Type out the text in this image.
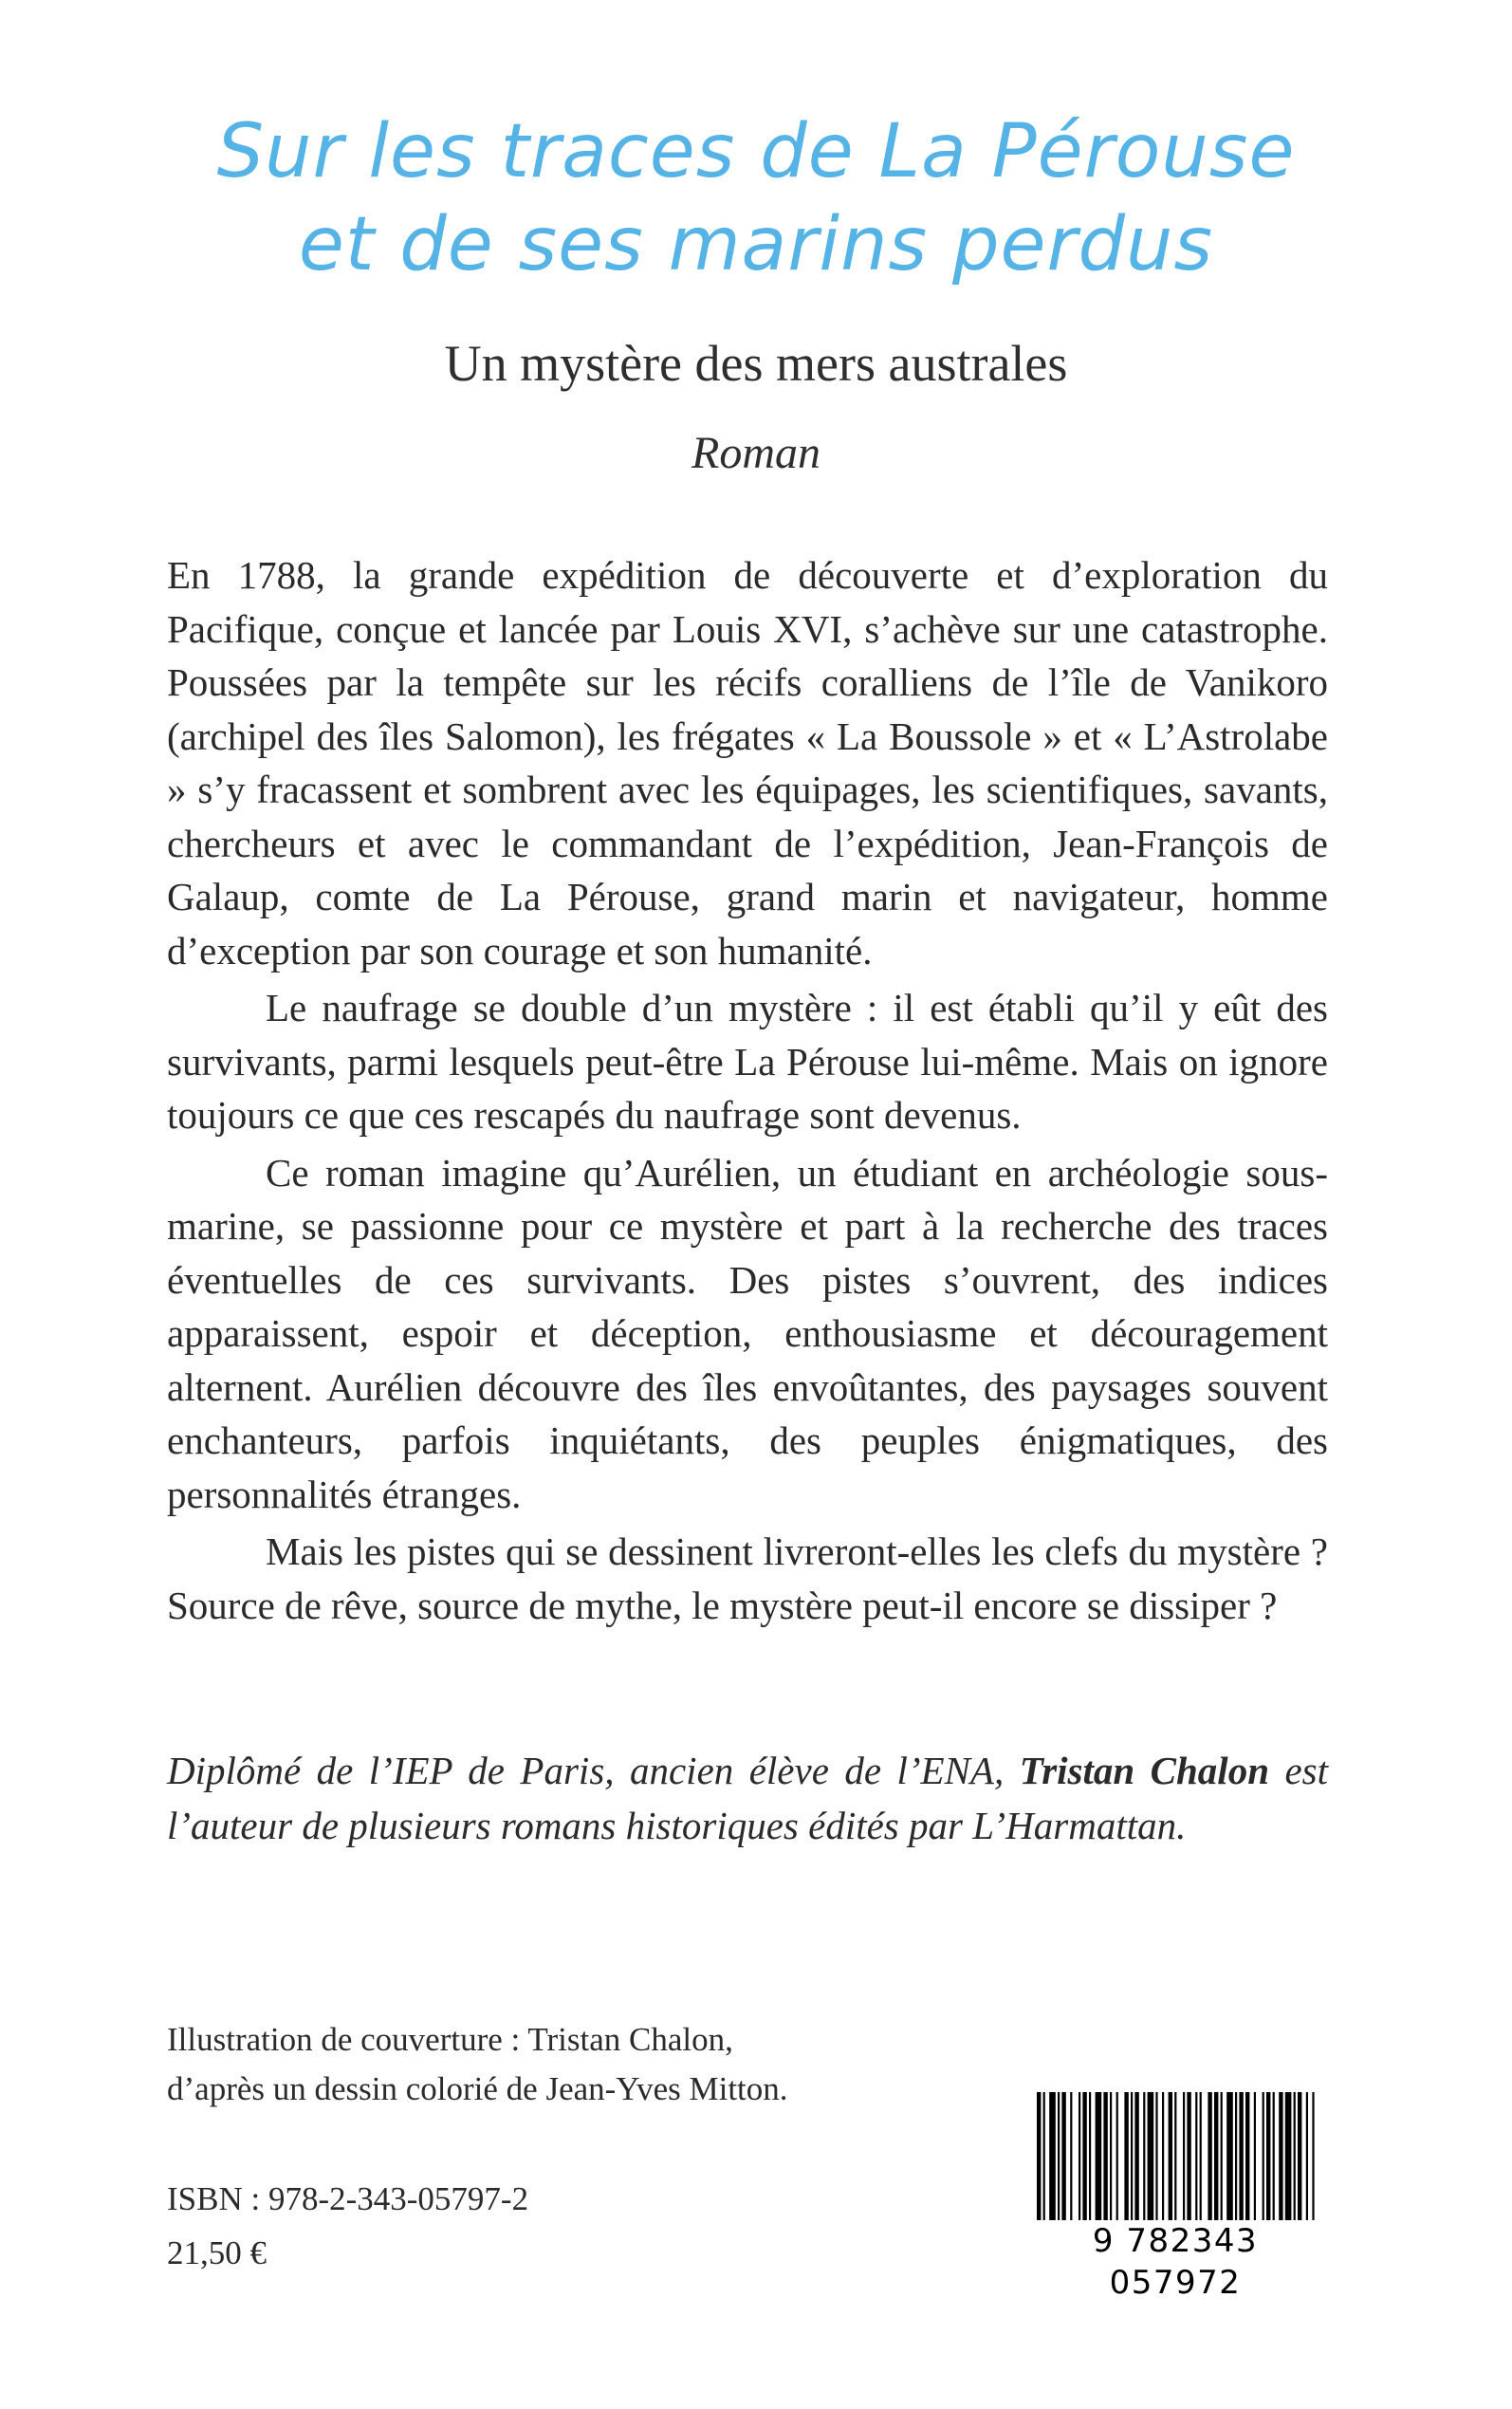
Sur les traces de La Pérouse
et de ses marins perdus
Un mystère des mers australes
Roman

En 1788, la grande expédition de découverte et d’exploration du Pacifique, conçue et lancée par Louis XVI, s’achève sur une catastrophe. Poussées par la tempête sur les récifs coralliens de l’île de Vanikoro (archipel des îles Salomon), les frégates « La Boussole » et « L’Astrolabe » s’y fracassent et sombrent avec les équipages, les scientifiques, savants, chercheurs et avec le commandant de l’expédition, Jean-François de Galaup, comte de La Pérouse, grand marin et navigateur, homme d’exception par son courage et son humanité.

Le naufrage se double d’un mystère : il est établi qu’il y eût des survivants, parmi lesquels peut-être La Pérouse lui-même. Mais on ignore toujours ce que ces rescapés du naufrage sont devenus.

Ce roman imagine qu’Aurélien, un étudiant en archéologie sous-marine, se passionne pour ce mystère et part à la recherche des traces éventuelles de ces survivants. Des pistes s’ouvrent, des indices apparaissent, espoir et déception, enthousiasme et découragement alternent. Aurélien découvre des îles envoûtantes, des paysages souvent enchanteurs, parfois inquiétants, des peuples énigmatiques, des personnalités étranges.

Mais les pistes qui se dessinent livreront-elles les clefs du mystère ? Source de rêve, source de mythe, le mystère peut-il encore se dissiper ?

Diplômé de l’IEP de Paris, ancien élève de l’ENA, Tristan Chalon est l’auteur de plusieurs romans historiques édités par L’Harmattan.
Illustration de couverture : Tristan Chalon,
d’après un dessin colorié de Jean-Yves Mitton.
ISBN : 978-2-343-05797-2
21,50 €	9 782343 057972
